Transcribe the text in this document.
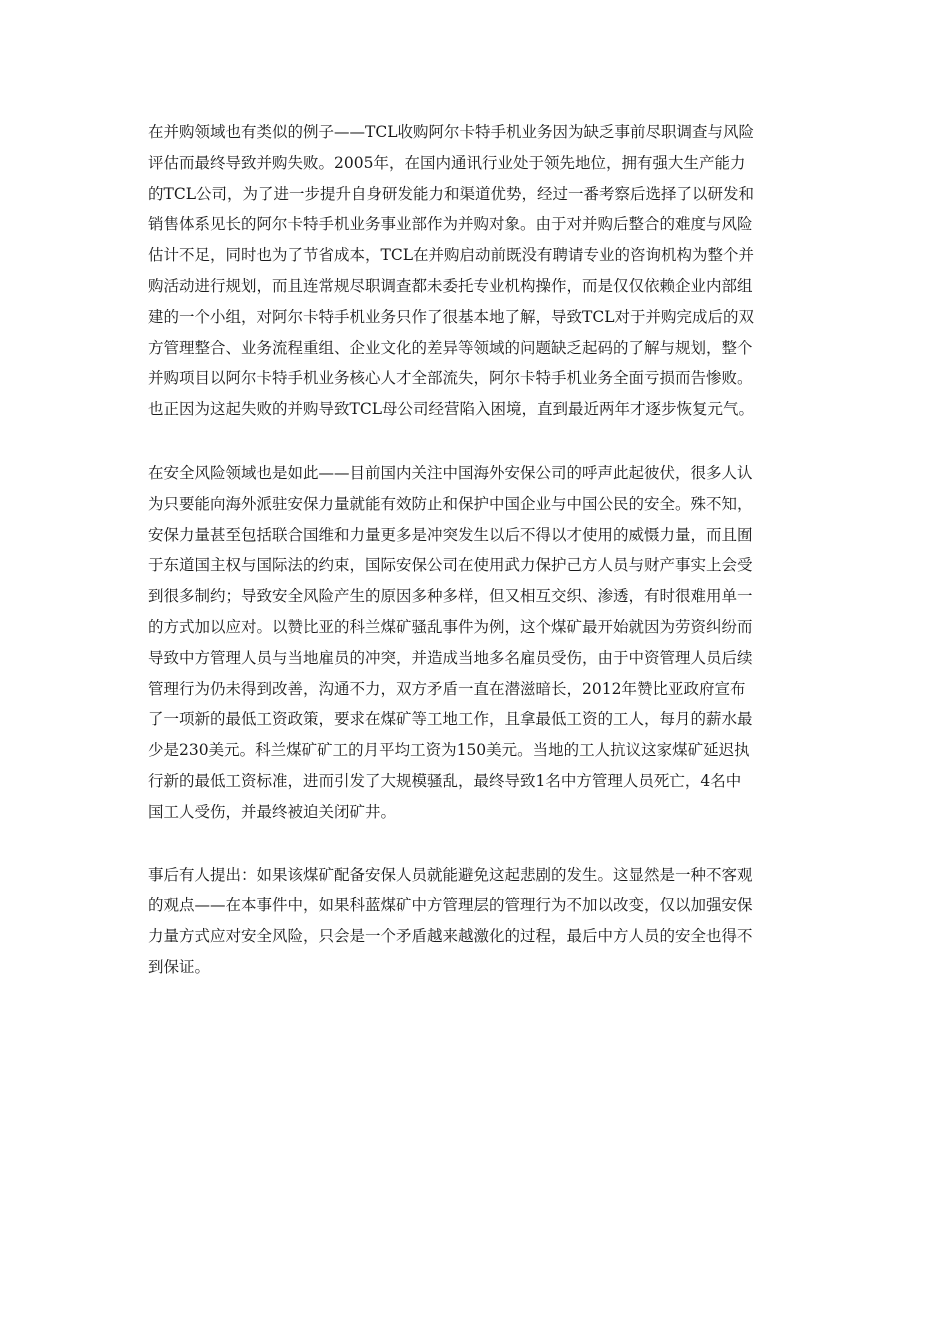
在并购领域也有类似的例子——TCL收购阿尔卡特手机业务因为缺乏事前尽职调查与风险
评估而最终导致并购失败。2005年，在国内通讯行业处于领先地位，拥有强大生产能力
的TCL公司，为了进一步提升自身研发能力和渠道优势，经过一番考察后选择了以研发和
销售体系见长的阿尔卡特手机业务事业部作为并购对象。由于对并购后整合的难度与风险
估计不足，同时也为了节省成本，TCL在并购启动前既没有聘请专业的咨询机构为整个并
购活动进行规划，而且连常规尽职调查都未委托专业机构操作，而是仅仅依赖企业内部组
建的一个小组，对阿尔卡特手机业务只作了很基本地了解，导致TCL对于并购完成后的双
方管理整合、业务流程重组、企业文化的差异等领域的问题缺乏起码的了解与规划，整个
并购项目以阿尔卡特手机业务核心人才全部流失，阿尔卡特手机业务全面亏损而告惨败。
也正因为这起失败的并购导致TCL母公司经营陷入困境，直到最近两年才逐步恢复元气。

在安全风险领域也是如此——目前国内关注中国海外安保公司的呼声此起彼伏，很多人认
为只要能向海外派驻安保力量就能有效防止和保护中国企业与中国公民的安全。殊不知，
安保力量甚至包括联合国维和力量更多是冲突发生以后不得以才使用的威慑力量，而且囿
于东道国主权与国际法的约束，国际安保公司在使用武力保护己方人员与财产事实上会受
到很多制约；导致安全风险产生的原因多种多样，但又相互交织、渗透，有时很难用单一
的方式加以应对。以赞比亚的科兰煤矿骚乱事件为例，这个煤矿最开始就因为劳资纠纷而
导致中方管理人员与当地雇员的冲突，并造成当地多名雇员受伤，由于中资管理人员后续
管理行为仍未得到改善，沟通不力，双方矛盾一直在潜滋暗长，2012年赞比亚政府宣布
了一项新的最低工资政策，要求在煤矿等工地工作，且拿最低工资的工人，每月的薪水最
少是230美元。科兰煤矿矿工的月平均工资为150美元。当地的工人抗议这家煤矿延迟执
行新的最低工资标准，进而引发了大规模骚乱，最终导致1名中方管理人员死亡，4名中
国工人受伤，并最终被迫关闭矿井。

事后有人提出：如果该煤矿配备安保人员就能避免这起悲剧的发生。这显然是一种不客观
的观点——在本事件中，如果科蓝煤矿中方管理层的管理行为不加以改变，仅以加强安保
力量方式应对安全风险，只会是一个矛盾越来越激化的过程，最后中方人员的安全也得不
到保证。
